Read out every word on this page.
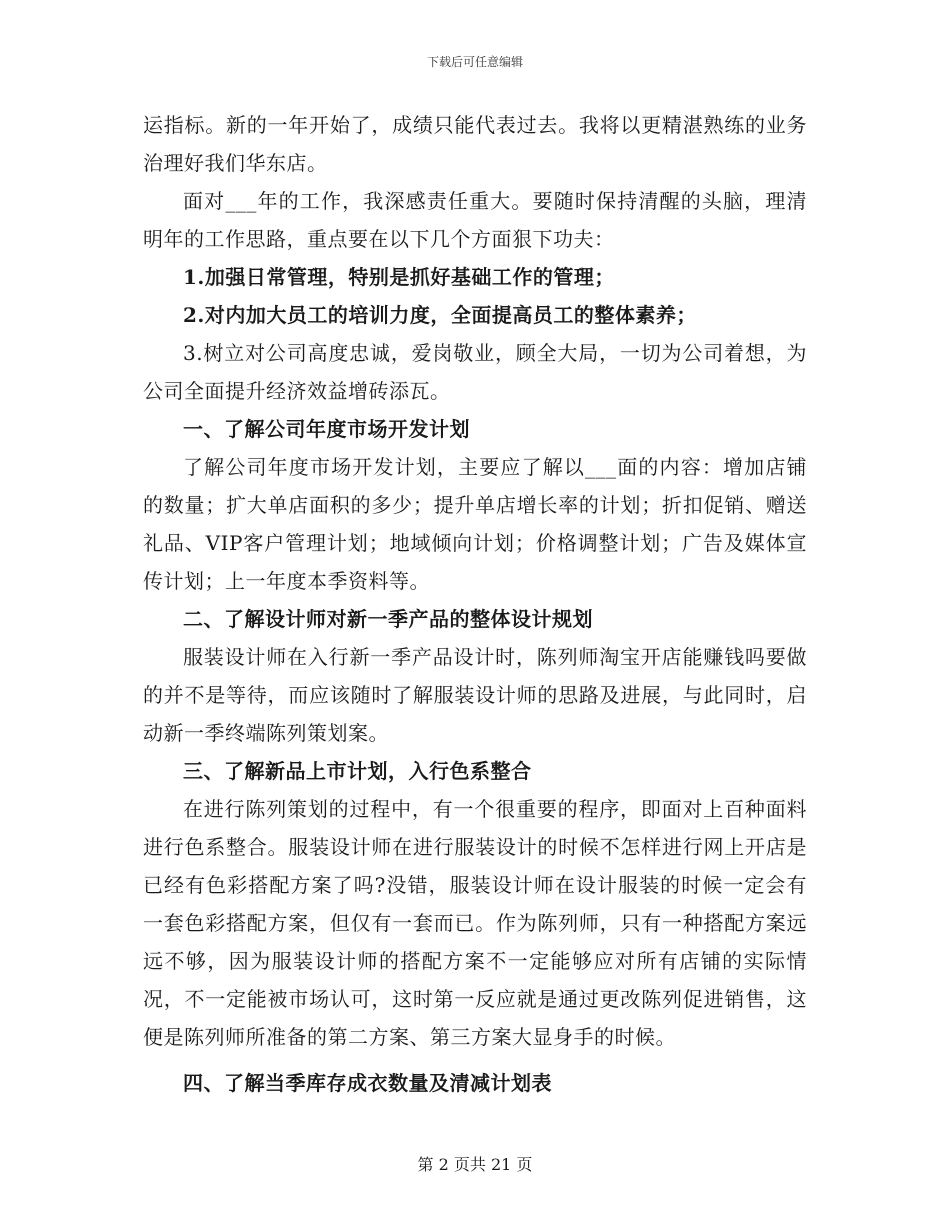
下载后可任意编辑

运指标。新的一年开始了，成绩只能代表过去。我将以更精湛熟练的业务治理好我们华东店。

面对___年的工作，我深感责任重大。要随时保持清醒的头脑，理清明年的工作思路，重点要在以下几个方面狠下功夫：

1.加强日常管理，特别是抓好基础工作的管理；

2.对内加大员工的培训力度，全面提高员工的整体素养；

3.树立对公司高度忠诚，爱岗敬业，顾全大局，一切为公司着想，为公司全面提升经济效益增砖添瓦。

一、了解公司年度市场开发计划

了解公司年度市场开发计划，主要应了解以___面的内容：增加店铺的数量；扩大单店面积的多少；提升单店增长率的计划；折扣促销、赠送礼品、VIP客户管理计划；地域倾向计划；价格调整计划；广告及媒体宣传计划；上一年度本季资料等。

二、了解设计师对新一季产品的整体设计规划

服装设计师在入行新一季产品设计时，陈列师淘宝开店能赚钱吗要做的并不是等待，而应该随时了解服装设计师的思路及进展，与此同时，启动新一季终端陈列策划案。

三、了解新品上市计划，入行色系整合

在进行陈列策划的过程中，有一个很重要的程序，即面对上百种面料进行色系整合。服装设计师在进行服装设计的时候不怎样进行网上开店是已经有色彩搭配方案了吗?没错，服装设计师在设计服装的时候一定会有一套色彩搭配方案，但仅有一套而已。作为陈列师，只有一种搭配方案远远不够，因为服装设计师的搭配方案不一定能够应对所有店铺的实际情况，不一定能被市场认可，这时第一反应就是通过更改陈列促进销售，这便是陈列师所准备的第二方案、第三方案大显身手的时候。

四、了解当季库存成衣数量及清减计划表

第 2 页共 21 页
